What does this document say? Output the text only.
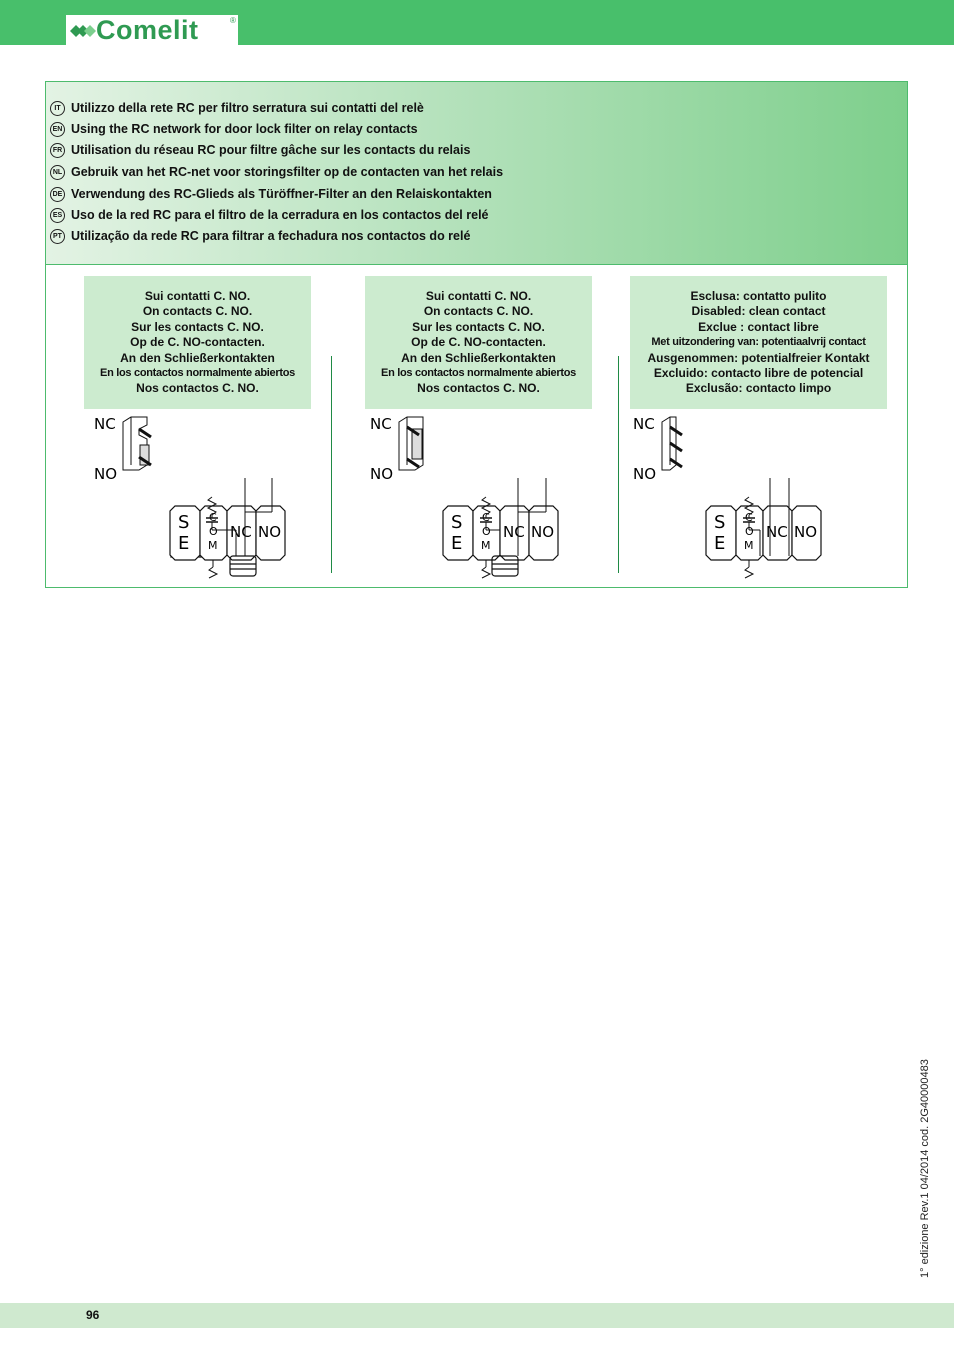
Comelit	®
IT Utilizzo della rete RC per filtro serratura sui contatti del relè
EN Using the RC network for door lock filter on relay contacts
FR Utilisation du réseau RC pour filtre gâche sur les contacts du relais
NL Gebruik van het RC-net voor storingsfilter op de contacten van het relais
DE Verwendung des RC-Glieds als Türöffner-Filter an den Relaiskontakten
ES Uso de la red RC para el filtro de la cerradura en los contactos del relé
PT Utilização da rede RC para filtrar a fechadura nos contactos do relé
Sui contatti C. NO.
On contacts C. NO.
Sur les contacts C. NO.
Op de C. NO-contacten.
An den Schließerkontakten
En los contactos normalmente abiertos
Nos contactos C. NO.
Sui contatti C. NO.
On contacts C. NO.
Sur les contacts C. NO.
Op de C. NO-contacten.
An den Schließerkontakten
En los contactos normalmente abiertos
Nos contactos C. NO.
Esclusa: contatto pulito
Disabled: clean contact
Exclue : contact libre
Met uitzondering van: potentiaalvrij contact
Ausgenommen: potentialfreier Kontakt
Excluido: contacto libre de potencial
Exclusão: contacto limpo
NC
NO
S
E
C
O
M
NC NO
NC
NO
S
E
C
O
M
NC NO
NC
NO
S
E
C
O
M
NC NO
96
1° edizione Rev.1 04/2014 cod. 2G40000483
